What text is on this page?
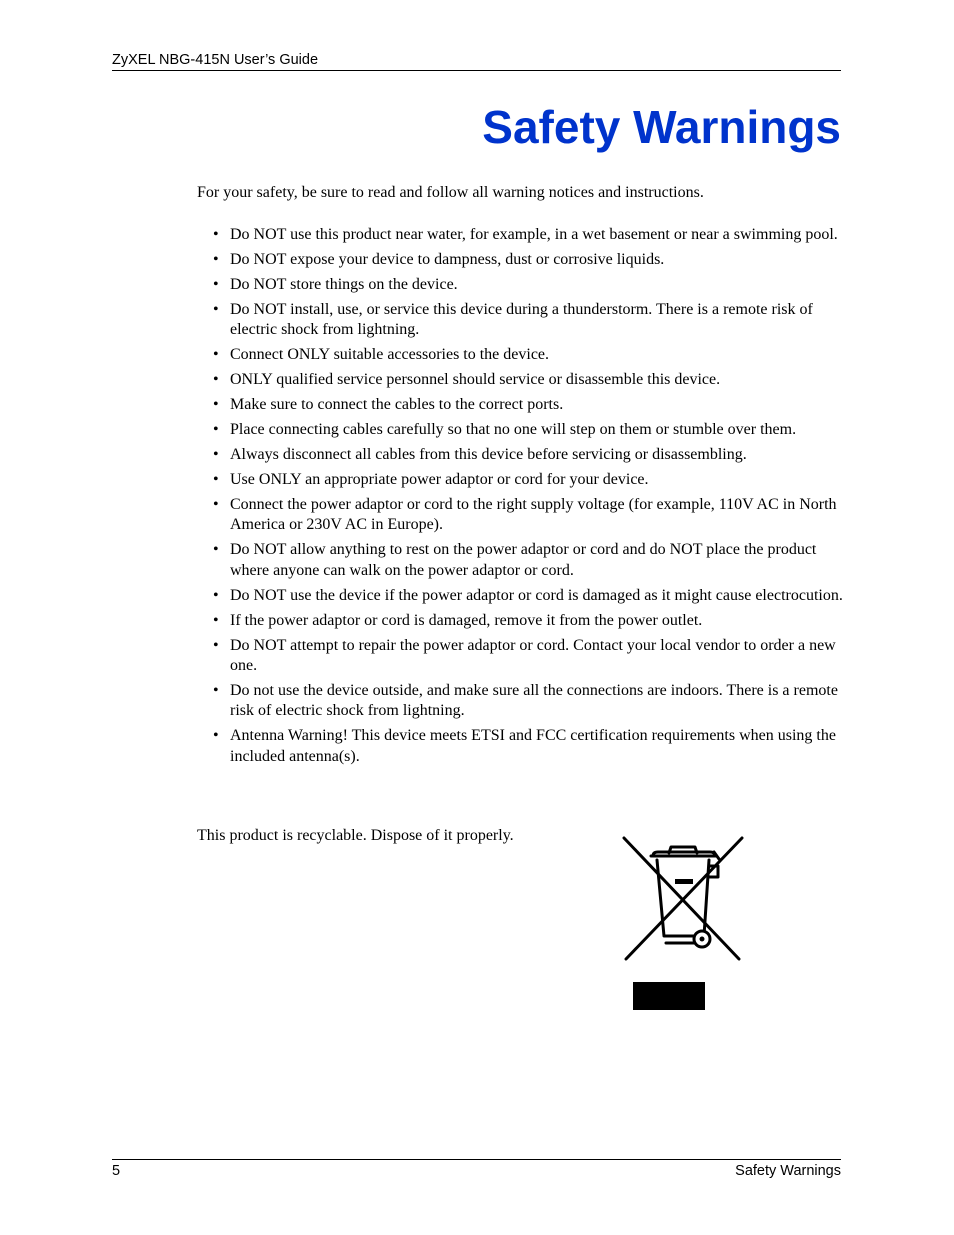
ZyXEL NBG-415N User’s Guide
Safety Warnings

For your safety, be sure to read and follow all warning notices and instructions.

• Do NOT use this product near water, for example, in a wet basement or near a swimming pool.
• Do NOT expose your device to dampness, dust or corrosive liquids.
• Do NOT store things on the device.
• Do NOT install, use, or service this device during a thunderstorm. There is a remote risk of electric shock from lightning.
• Connect ONLY suitable accessories to the device.
• ONLY qualified service personnel should service or disassemble this device.
• Make sure to connect the cables to the correct ports.
• Place connecting cables carefully so that no one will step on them or stumble over them.
• Always disconnect all cables from this device before servicing or disassembling.
• Use ONLY an appropriate power adaptor or cord for your device.
• Connect the power adaptor or cord to the right supply voltage (for example, 110V AC in North America or 230V AC in Europe).
• Do NOT allow anything to rest on the power adaptor or cord and do NOT place the product where anyone can walk on the power adaptor or cord.
• Do NOT use the device if the power adaptor or cord is damaged as it might cause electrocution.
• If the power adaptor or cord is damaged, remove it from the power outlet.
• Do NOT attempt to repair the power adaptor or cord. Contact your local vendor to order a new one.
• Do not use the device outside, and make sure all the connections are indoors. There is a remote risk of electric shock from lightning.
• Antenna Warning! This device meets ETSI and FCC certification requirements when using the included antenna(s).

This product is recyclable. Dispose of it properly.

5	Safety Warnings
